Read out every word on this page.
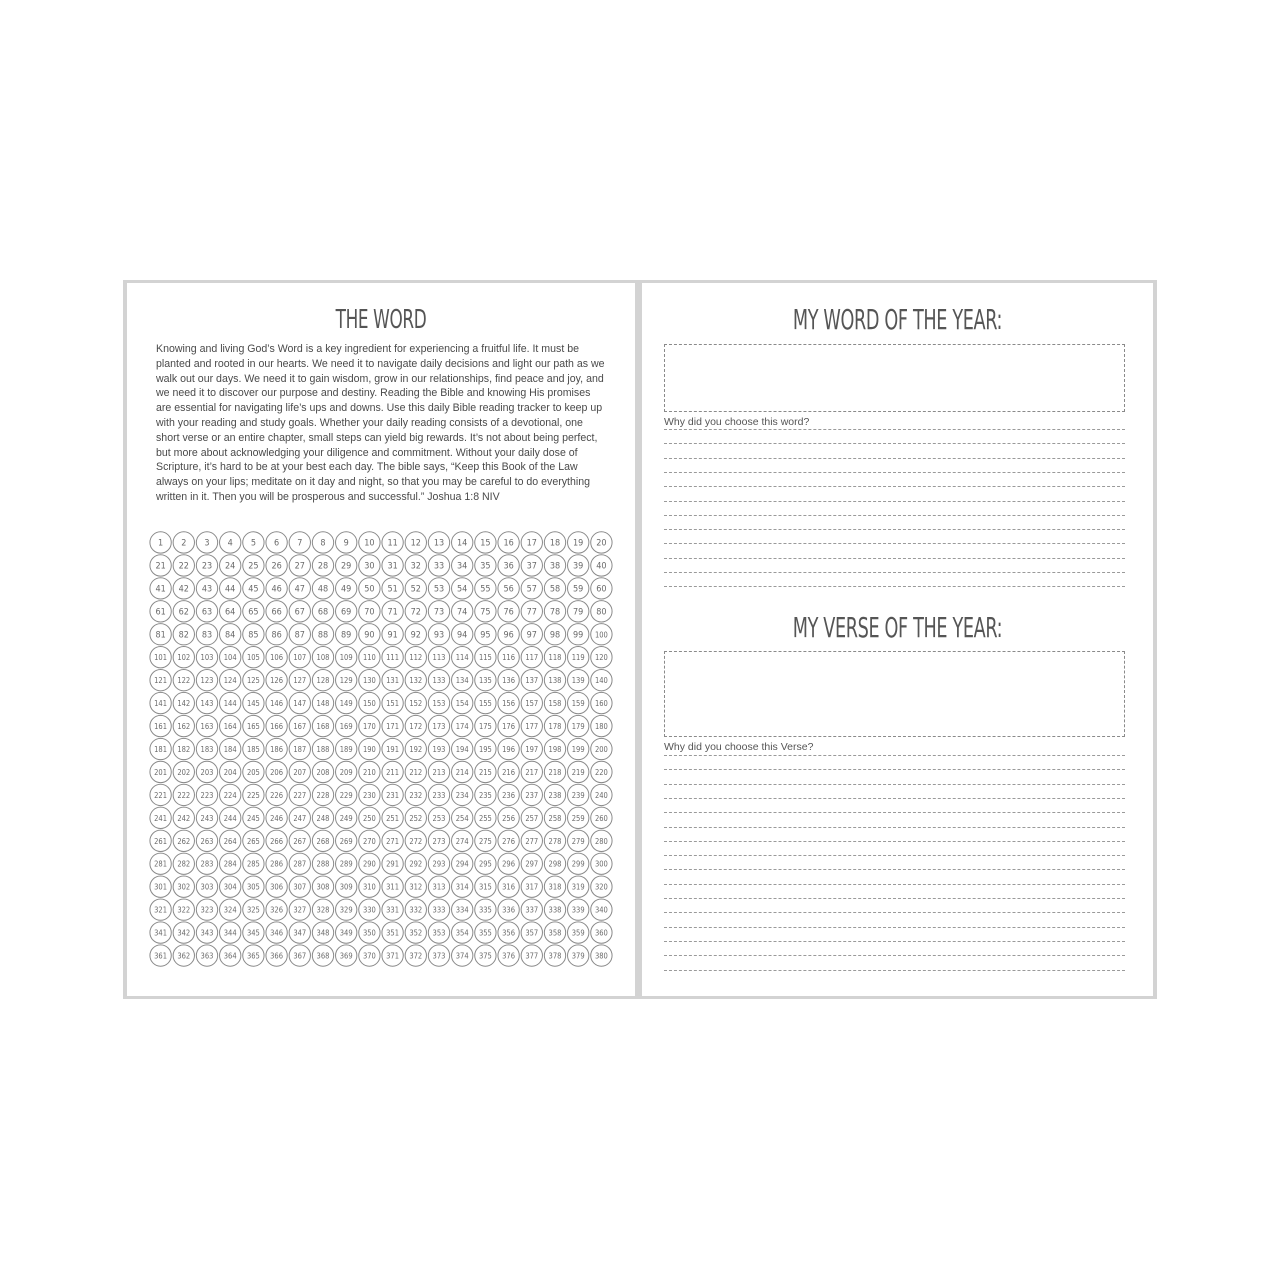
THE WORD

Knowing and living God’s Word is a key ingredient for experiencing a fruitful life. It must be planted and rooted in our hearts. We need it to navigate daily decisions and light our path as we walk out our days. We need it to gain wisdom, grow in our relationships, find peace and joy, and we need it to discover our purpose and destiny. Reading the Bible and knowing His promises are essential for navigating life’s ups and downs. Use this daily Bible reading tracker to keep up with your reading and study goals. Whether your daily reading consists of a devotional, one short verse or an entire chapter, small steps can yield big rewards. It’s not about being perfect, but more about acknowledging your diligence and commitment. Without your daily dose of Scripture, it’s hard to be at your best each day. The bible says, “Keep this Book of the Law always on your lips; meditate on it day and night, so that you may be careful to do everything written in it. Then you will be prosperous and successful.” Joshua 1:8 NIV

1 2 3 4 5 6 7 8 9 10 11 12 13 14 15 16 17 18 19 20
21 22 23 24 25 26 27 28 29 30 31 32 33 34 35 36 37 38 39 40
41 42 43 44 45 46 47 48 49 50 51 52 53 54 55 56 57 58 59 60
61 62 63 64 65 66 67 68 69 70 71 72 73 74 75 76 77 78 79 80
81 82 83 84 85 86 87 88 89 90 91 92 93 94 95 96 97 98 99 100
101 102 103 104 105 106 107 108 109 110 111 112 113 114 115 116 117 118 119 120
121 122 123 124 125 126 127 128 129 130 131 132 133 134 135 136 137 138 139 140
141 142 143 144 145 146 147 148 149 150 151 152 153 154 155 156 157 158 159 160
161 162 163 164 165 166 167 168 169 170 171 172 173 174 175 176 177 178 179 180
181 182 183 184 185 186 187 188 189 190 191 192 193 194 195 196 197 198 199 200
201 202 203 204 205 206 207 208 209 210 211 212 213 214 215 216 217 218 219 220
221 222 223 224 225 226 227 228 229 230 231 232 233 234 235 236 237 238 239 240
241 242 243 244 245 246 247 248 249 250 251 252 253 254 255 256 257 258 259 260
261 262 263 264 265 266 267 268 269 270 271 272 273 274 275 276 277 278 279 280
281 282 283 284 285 286 287 288 289 290 291 292 293 294 295 296 297 298 299 300
301 302 303 304 305 306 307 308 309 310 311 312 313 314 315 316 317 318 319 320
321 322 323 324 325 326 327 328 329 330 331 332 333 334 335 336 337 338 339 340
341 342 343 344 345 346 347 348 349 350 351 352 353 354 355 356 357 358 359 360
361 362 363 364 365 366 367 368 369 370 371 372 373 374 375 376 377 378 379 380
MY WORD OF THE YEAR:
Why did you choose this word?
MY VERSE OF THE YEAR:
Why did you choose this Verse?
